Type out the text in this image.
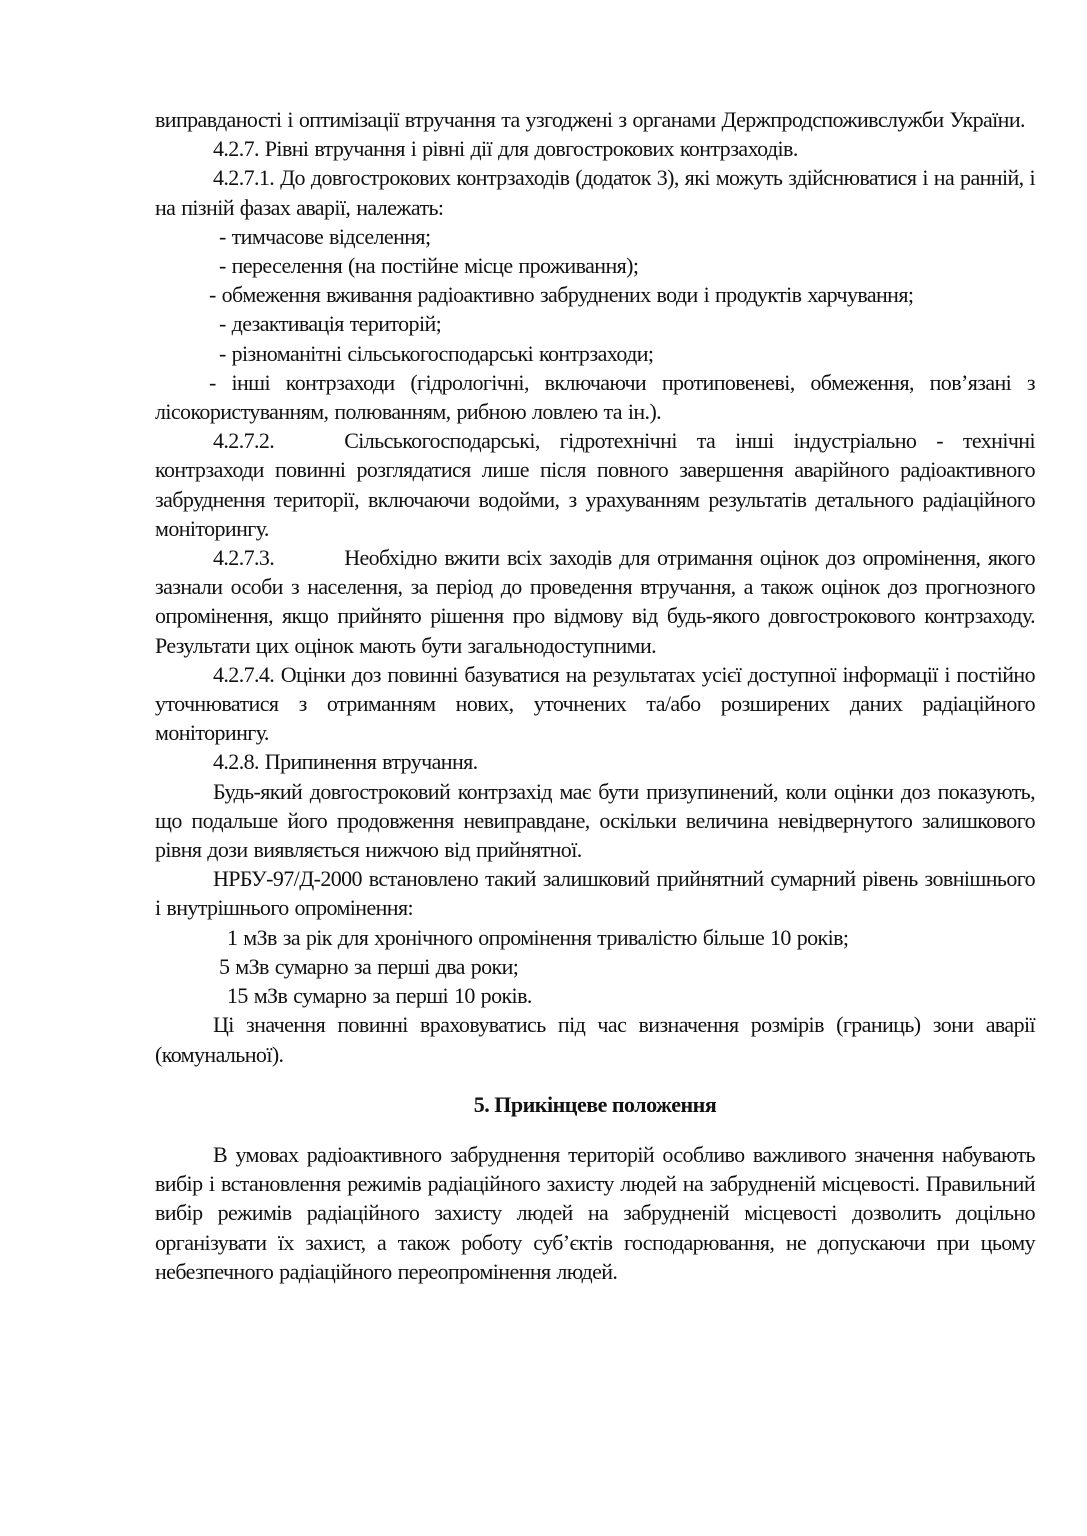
виправданості і оптимізації втручання та узгоджені з органами Держпродспоживслужби України.

4.2.7. Рівні втручання і рівні дії для довгострокових контрзаходів.

4.2.7.1. До довгострокових контрзаходів (додаток 3), які можуть здійснюватися і на ранній, і на пізній фазах аварії, належать:

- тимчасове відселення;

- переселення (на постійне місце проживання);

- обмеження вживання радіоактивно забруднених води і продуктів харчування;

- дезактивація територій;

- різноманітні сільськогосподарські контрзаходи;

- інші контрзаходи (гідрологічні, включаючи протиповеневі, обмеження, пов’язані з лісокористуванням, полюванням, рибною ловлею та ін.).

4.2.7.2.	Сільськогосподарські, гідротехнічні та інші індустріально - технічні контрзаходи повинні розглядатися лише після повного завершення аварійного радіоактивного забруднення території, включаючи водойми, з урахуванням результатів детального радіаційного моніторингу.

4.2.7.3.	Необхідно вжити всіх заходів для отримання оцінок доз опромінення, якого зазнали особи з населення, за період до проведення втручання, а також оцінок доз прогнозного опромінення, якщо прийнято рішення про відмову від будь-якого довгострокового контрзаходу. Результати цих оцінок мають бути загальнодоступними.

4.2.7.4. Оцінки доз повинні базуватися на результатах усієї доступної інформації і постійно уточнюватися з отриманням нових, уточнених та/або розширених даних радіаційного моніторингу.

4.2.8. Припинення втручання.

Будь-який довгостроковий контрзахід має бути призупинений, коли оцінки доз показують, що подальше його продовження невиправдане, оскільки величина невідвернутого залишкового рівня дози виявляється нижчою від прийнятної.

НРБУ-97/Д-2000 встановлено такий залишковий прийнятний сумарний рівень зовнішнього і внутрішнього опромінення:

1 мЗв за рік для хронічного опромінення тривалістю більше 10 років;

5 мЗв сумарно за перші два роки;

15 мЗв сумарно за перші 10 років.

Ці значення повинні враховуватись під час визначення розмірів (границь) зони аварії (комунальної).

5. Прикінцеве положення

В умовах радіоактивного забруднення територій особливо важливого значення набувають вибір і встановлення режимів радіаційного захисту людей на забрудненій місцевості. Правильний вибір режимів радіаційного захисту людей на забрудненій місцевості дозволить доцільно організувати їх захист, а також роботу суб’єктів господарювання, не допускаючи при цьому небезпечного радіаційного переопромінення людей.
